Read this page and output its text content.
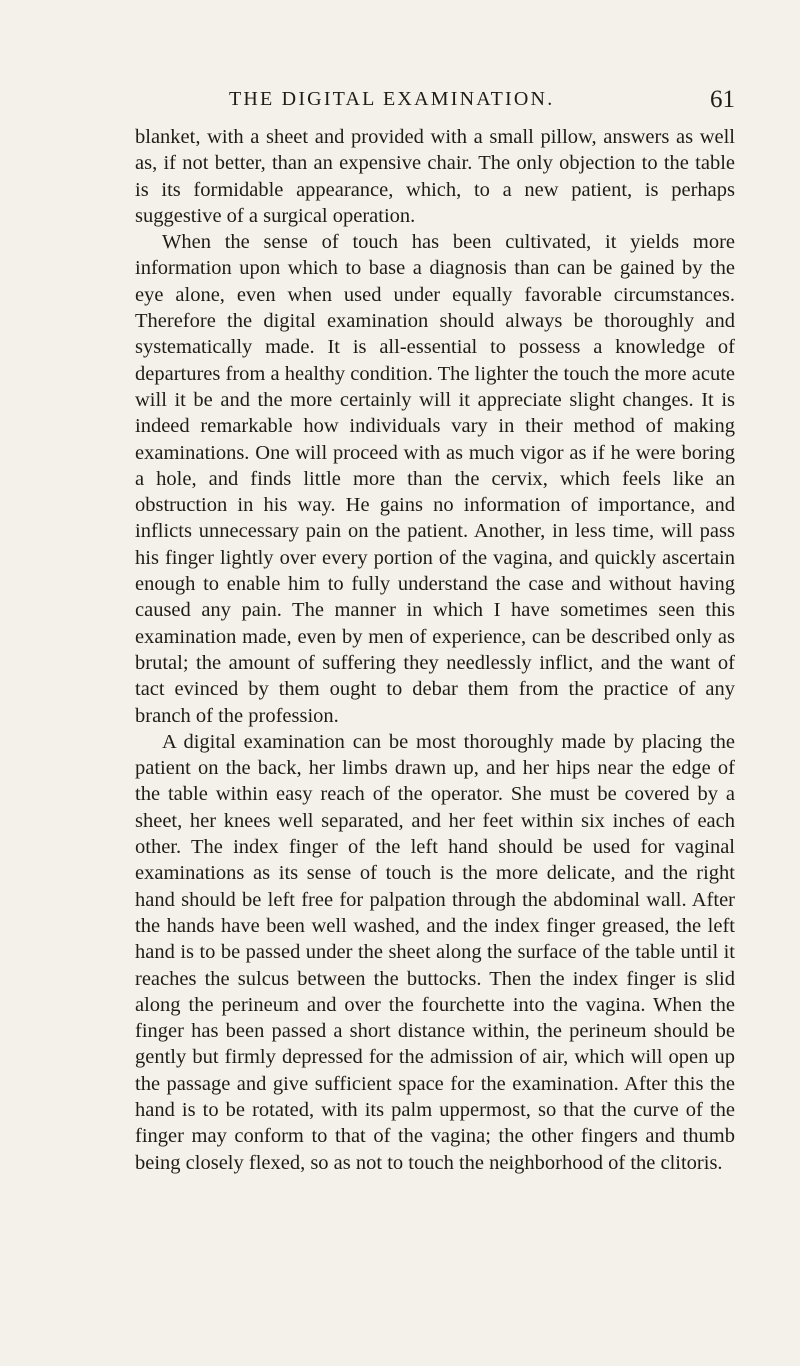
THE DIGITAL EXAMINATION.	61

blanket, with a sheet and provided with a small pillow, answers as well as, if not better, than an expensive chair. The only objection to the table is its formidable appearance, which, to a new patient, is perhaps suggestive of a surgical operation.

When the sense of touch has been cultivated, it yields more information upon which to base a diagnosis than can be gained by the eye alone, even when used under equally favorable circumstances. Therefore the digital examination should always be thoroughly and systematically made. It is all-essential to possess a knowledge of departures from a healthy condition. The lighter the touch the more acute will it be and the more certainly will it appreciate slight changes. It is indeed remarkable how individuals vary in their method of making examinations. One will proceed with as much vigor as if he were boring a hole, and finds little more than the cervix, which feels like an obstruction in his way. He gains no information of importance, and inflicts unnecessary pain on the patient. Another, in less time, will pass his finger lightly over every portion of the vagina, and quickly ascertain enough to enable him to fully understand the case and without having caused any pain. The manner in which I have sometimes seen this examination made, even by men of experience, can be described only as brutal; the amount of suffering they needlessly inflict, and the want of tact evinced by them ought to debar them from the practice of any branch of the profession.

A digital examination can be most thoroughly made by placing the patient on the back, her limbs drawn up, and her hips near the edge of the table within easy reach of the operator. She must be covered by a sheet, her knees well separated, and her feet within six inches of each other. The index finger of the left hand should be used for vaginal examinations as its sense of touch is the more delicate, and the right hand should be left free for palpation through the abdominal wall. After the hands have been well washed, and the index finger greased, the left hand is to be passed under the sheet along the surface of the table until it reaches the sulcus between the buttocks. Then the index finger is slid along the perineum and over the fourchette into the vagina. When the finger has been passed a short distance within, the perineum should be gently but firmly depressed for the admission of air, which will open up the passage and give sufficient space for the examination. After this the hand is to be rotated, with its palm uppermost, so that the curve of the finger may conform to that of the vagina; the other fingers and thumb being closely flexed, so as not to touch the neighborhood of the clitoris.
